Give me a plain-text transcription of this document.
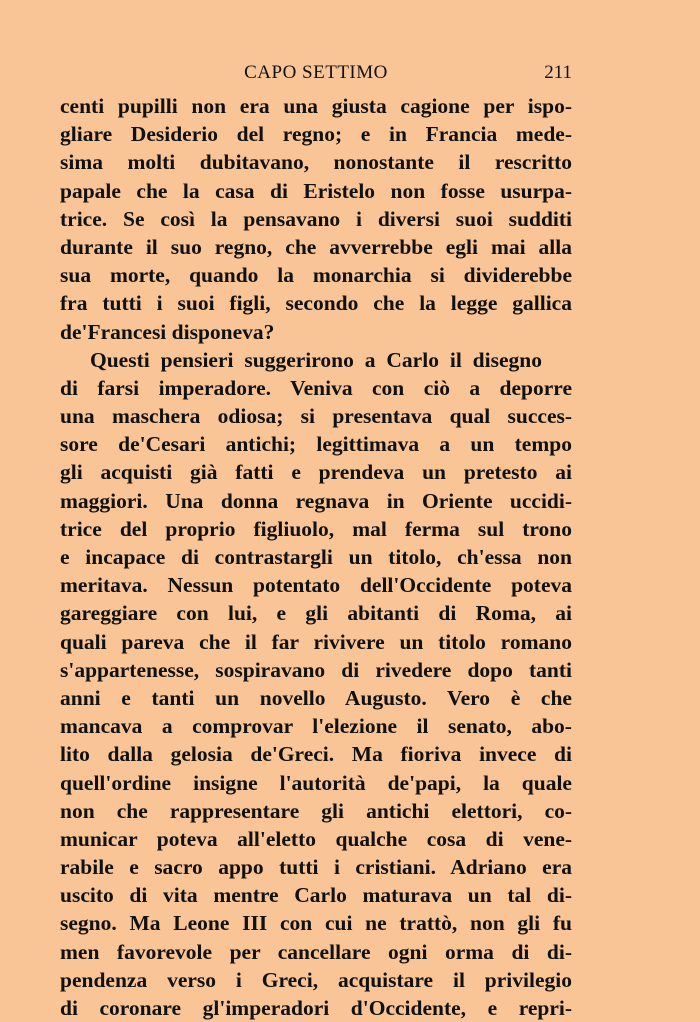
CAPO SETTIMO	211
centi pupilli non era una giusta cagione per ispo-
gliare Desiderio del regno; e in Francia mede-
sima molti dubitavano, nonostante il rescritto
papale che la casa di Eristelo non fosse usurpa-
trice. Se così la pensavano i diversi suoi sudditi
durante il suo regno, che avverrebbe egli mai alla
sua morte, quando la monarchia si dividerebbe
fra tutti i suoi figli, secondo che la legge gallica
de'Francesi disponeva?
Questi pensieri suggerirono a Carlo il disegno
di farsi imperadore. Veniva con ciò a deporre
una maschera odiosa; si presentava qual succes-
sore de'Cesari antichi; legittimava a un tempo
gli acquisti già fatti e prendeva un pretesto ai
maggiori. Una donna regnava in Oriente uccidi-
trice del proprio figliuolo, mal ferma sul trono
e incapace di contrastargli un titolo, ch'essa non
meritava. Nessun potentato dell'Occidente poteva
gareggiare con lui, e gli abitanti di Roma, ai
quali pareva che il far rivivere un titolo romano
s'appartenesse, sospiravano di rivedere dopo tanti
anni e tanti un novello Augusto. Vero è che
mancava a comprovar l'elezione il senato, abo-
lito dalla gelosia de'Greci. Ma fioriva invece di
quell'ordine insigne l'autorità de'papi, la quale
non che rappresentare gli antichi elettori, co-
municar poteva all'eletto qualche cosa di vene-
rabile e sacro appo tutti i cristiani. Adriano era
uscito di vita mentre Carlo maturava un tal di-
segno. Ma Leone III con cui ne trattò, non gli fu
men favorevole per cancellare ogni orma di di-
pendenza verso i Greci, acquistare il privilegio
di coronare gl'imperadori d'Occidente, e repri-
